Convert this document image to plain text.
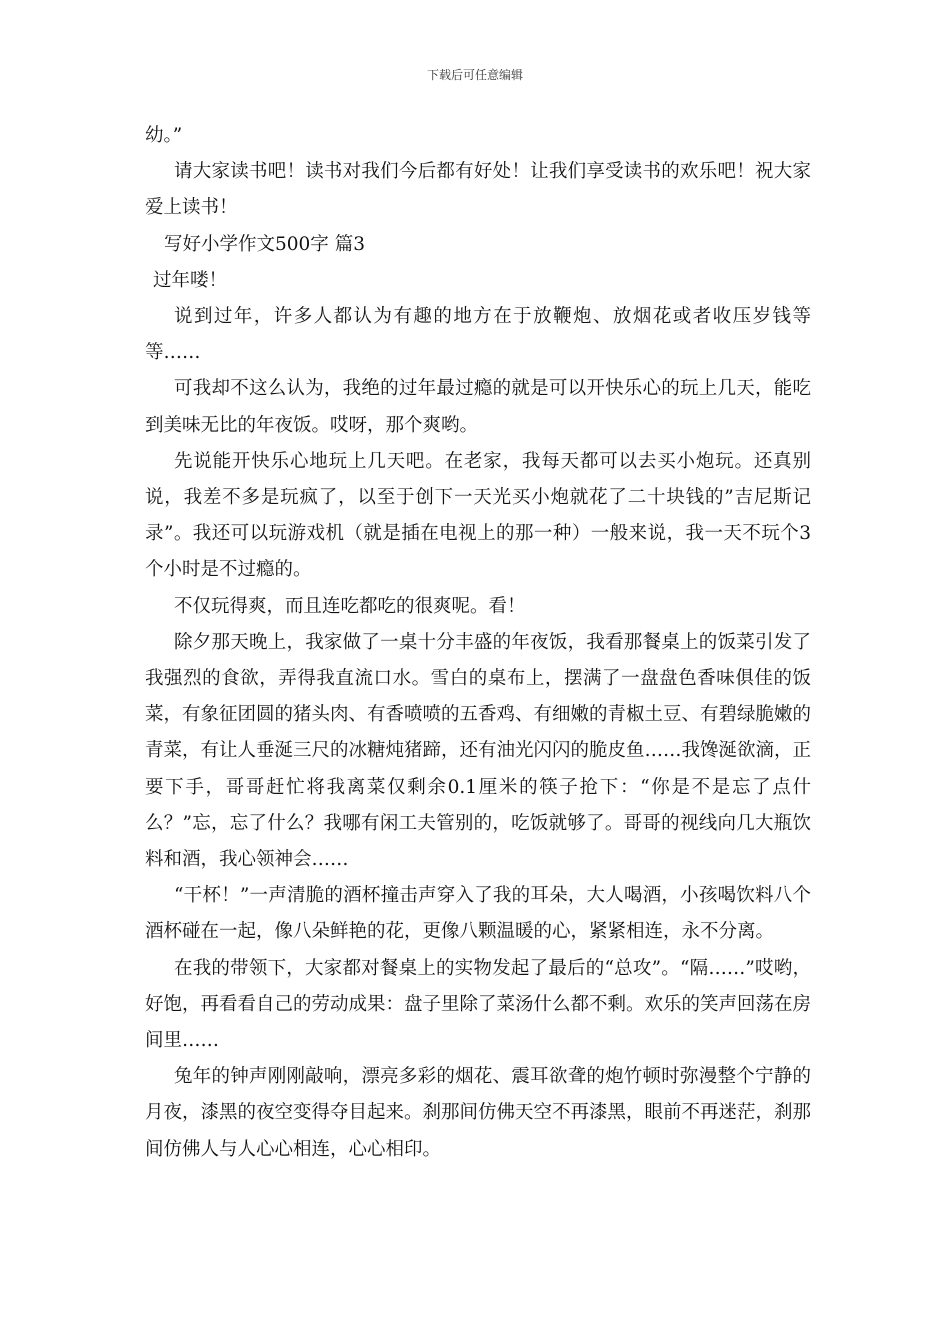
下载后可任意编辑

幼。”

请大家读书吧！读书对我们今后都有好处！让我们享受读书的欢乐吧！祝大家爱上读书！

写好小学作文500字 篇3

过年喽！

说到过年，许多人都认为有趣的地方在于放鞭炮、放烟花或者收压岁钱等等……

可我却不这么认为，我绝的过年最过瘾的就是可以开快乐心的玩上几天，能吃到美味无比的年夜饭。哎呀，那个爽哟。

先说能开快乐心地玩上几天吧。在老家，我每天都可以去买小炮玩。还真别说，我差不多是玩疯了，以至于创下一天光买小炮就花了二十块钱的”吉尼斯记录”。我还可以玩游戏机（就是插在电视上的那一种）一般来说，我一天不玩个3个小时是不过瘾的。

不仅玩得爽，而且连吃都吃的很爽呢。看！

除夕那天晚上，我家做了一桌十分丰盛的年夜饭，我看那餐桌上的饭菜引发了我强烈的食欲，弄得我直流口水。雪白的桌布上，摆满了一盘盘色香味俱佳的饭菜，有象征团圆的猪头肉、有香喷喷的五香鸡、有细嫩的青椒土豆、有碧绿脆嫩的青菜，有让人垂涎三尺的冰糖炖猪蹄，还有油光闪闪的脆皮鱼……我馋涎欲滴，正要下手，哥哥赶忙将我离菜仅剩余0.1厘米的筷子抢下：“你是不是忘了点什么？”忘，忘了什么？我哪有闲工夫管别的，吃饭就够了。哥哥的视线向几大瓶饮料和酒，我心领神会……

“干杯！”一声清脆的酒杯撞击声穿入了我的耳朵，大人喝酒，小孩喝饮料八个酒杯碰在一起，像八朵鲜艳的花，更像八颗温暖的心，紧紧相连，永不分离。

在我的带领下，大家都对餐桌上的实物发起了最后的“总攻”。“隔……”哎哟，好饱，再看看自己的劳动成果：盘子里除了菜汤什么都不剩。欢乐的笑声回荡在房间里……

兔年的钟声刚刚敲响，漂亮多彩的烟花、震耳欲聋的炮竹顿时弥漫整个宁静的月夜，漆黑的夜空变得夺目起来。刹那间仿佛天空不再漆黑，眼前不再迷茫，刹那间仿佛人与人心心相连，心心相印。
